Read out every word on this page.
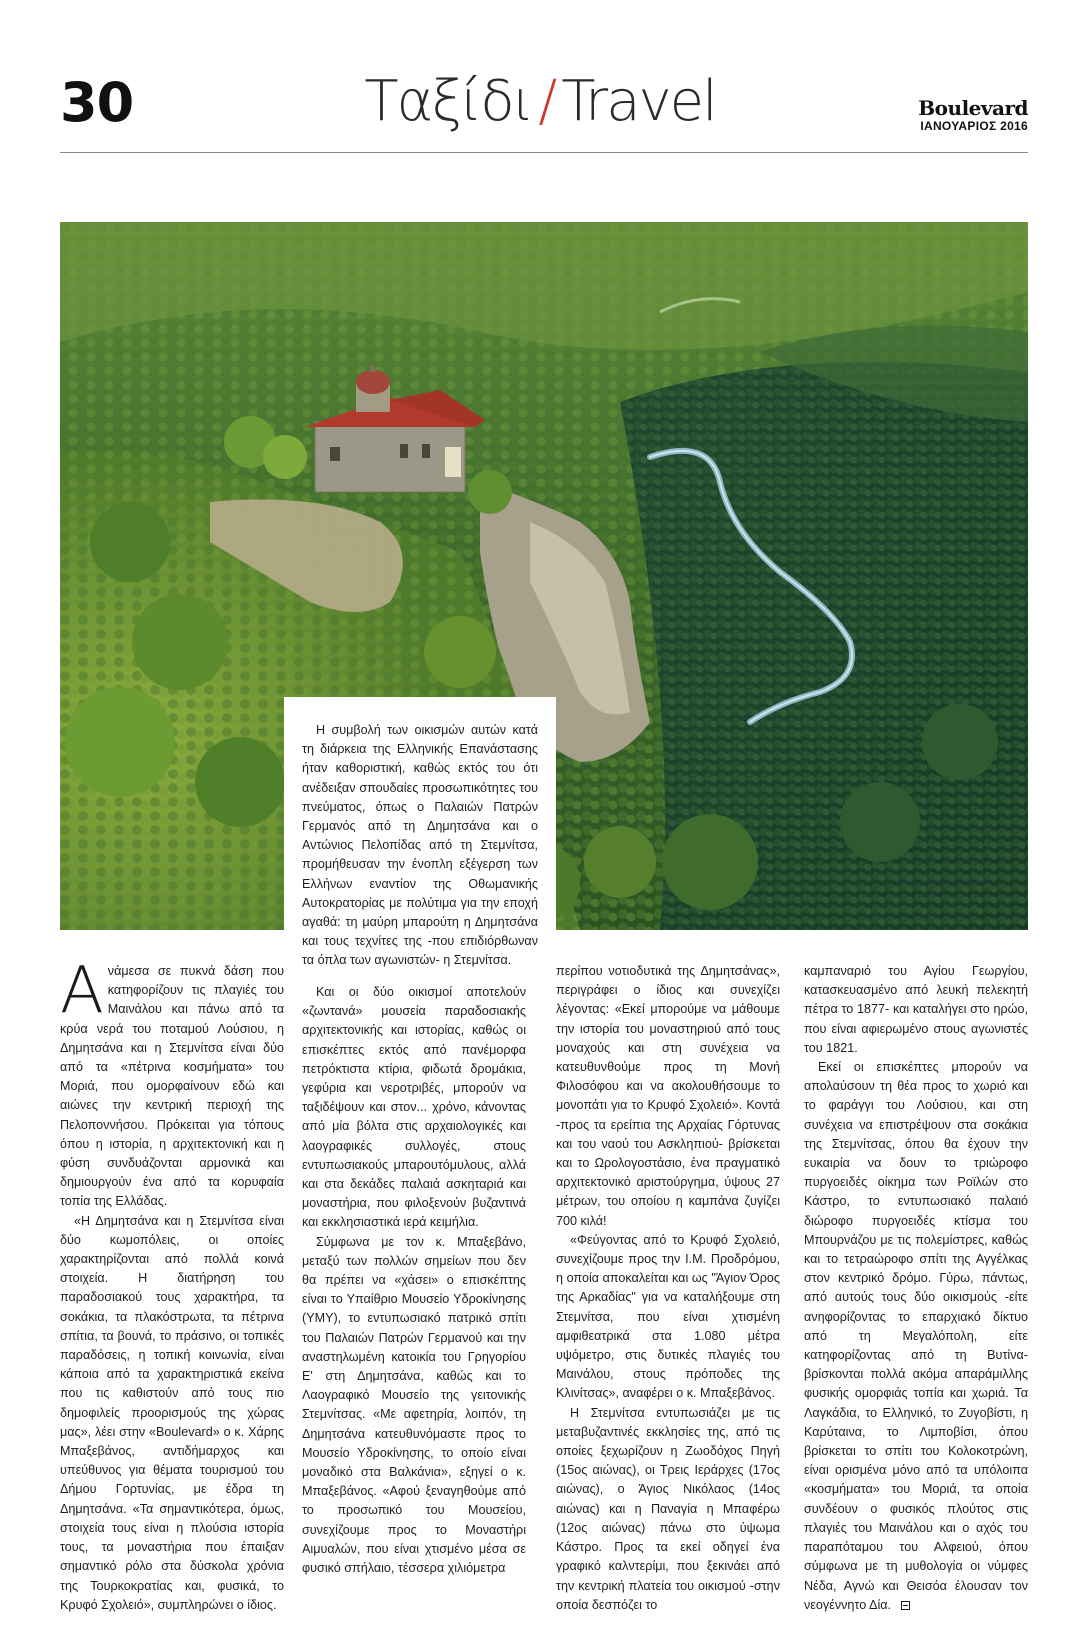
30	Ταξίδι / Travel	Boulevard
ΙΑΝΟΥΑΡΙΟΣ 2016

Η συμβολή των οικισμών αυτών κατά τη διάρκεια της Ελληνικής Επανάστασης ήταν καθοριστική, καθώς εκτός του ότι ανέδειξαν σπουδαίες προσωπικότητες του πνεύματος, όπως ο Παλαιών Πατρών Γερμανός από τη Δημητσάνα και ο Αντώνιος Πελοπίδας από τη Στεμνίτσα, προμήθευσαν την ένοπλη εξέγερση των Ελλήνων εναντίον της Οθωμανικής Αυτοκρατορίας με πολύτιμα για την εποχή αγαθά: τη μαύρη μπαρούτη η Δημητσάνα και τους τεχνίτες της -που επιδιόρθωναν τα όπλα των αγωνιστών- η Στεμνίτσα.

Ανάμεσα σε πυκνά δάση που κατηφορίζουν τις πλαγιές του Μαινάλου και πάνω από τα κρύα νερά του ποταμού Λούσιου, η Δημητσάνα και η Στεμνίτσα είναι δύο από τα «πέτρινα κοσμήματα» του Μοριά, που ομορφαίνουν εδώ και αιώνες την κεντρική περιοχή της Πελοποννήσου. Πρόκειται για τόπους όπου η ιστορία, η αρχιτεκτονική και η φύση συνδυάζονται αρμονικά και δημιουργούν ένα από τα κορυφαία τοπία της Ελλάδας.

«Η Δημητσάνα και η Στεμνίτσα είναι δύο κωμοπόλεις, οι οποίες χαρακτηρίζονται από πολλά κοινά στοιχεία. Η διατήρηση του παραδοσιακού τους χαρακτήρα, τα σοκάκια, τα πλακόστρωτα, τα πέτρινα σπίτια, τα βουνά, το πράσινο, οι τοπικές παραδόσεις, η τοπική κοινωνία, είναι κάποια από τα χαρακτηριστικά εκείνα που τις καθιστούν από τους πιο δημοφιλείς προορισμούς της χώρας μας», λέει στην «Boulevard» ο κ. Χάρης Μπαξεβάνος, αντιδήμαρχος και υπεύθυνος για θέματα τουρισμού του Δήμου Γορτυνίας, με έδρα τη Δημητσάνα. «Τα σημαντικότερα, όμως, στοιχεία τους είναι η πλούσια ιστορία τους, τα μοναστήρια που έπαιξαν σημαντικό ρόλο στα δύσκολα χρόνια της Τουρκοκρατίας και, φυσικά, το Κρυφό Σχολειό», συμπληρώνει ο ίδιος.

Και οι δύο οικισμοί αποτελούν «ζωντανά» μουσεία παραδοσιακής αρχιτεκτονικής και ιστορίας, καθώς οι επισκέπτες εκτός από πανέμορφα πετρόκτιστα κτίρια, φιδωτά δρομάκια, γεφύρια και νεροτριβές, μπορούν να ταξιδέψουν και στον... χρόνο, κάνοντας από μία βόλτα στις αρχαιολογικές και λαογραφικές συλλογές, στους εντυπωσιακούς μπαρουτόμυλους, αλλά και στα δεκάδες παλαιά ασκηταριά και μοναστήρια, που φιλοξενούν βυζαντινά και εκκλησιαστικά ιερά κειμήλια.

Σύμφωνα με τον κ. Μπαξεβάνο, μεταξύ των πολλών σημείων που δεν θα πρέπει να «χάσει» ο επισκέπτης είναι το Υπαίθριο Μουσείο Υδροκίνησης (ΥΜΥ), το εντυπωσιακό πατρικό σπίτι του Παλαιών Πατρών Γερμανού και την αναστηλωμένη κατοικία του Γρηγορίου Ε' στη Δημητσάνα, καθώς και το Λαογραφικό Μουσείο της γειτονικής Στεμνίτσας. «Με αφετηρία, λοιπόν, τη Δημητσάνα κατευθυνόμαστε προς το Μουσείο Υδροκίνησης, το οποίο είναι μοναδικό στα Βαλκάνια», εξηγεί ο κ. Μπαξεβάνος. «Αφού ξεναγηθούμε από το προσωπικό του Μουσείου, συνεχίζουμε προς το Μοναστήρι Αιμυαλών, που είναι χτισμένο μέσα σε φυσικό σπήλαιο, τέσσερα χιλιόμετρα

περίπου νοτιοδυτικά της Δημητσάνας», περιγράφει ο ίδιος και συνεχίζει λέγοντας: «Εκεί μπορούμε να μάθουμε την ιστορία του μοναστηριού από τους μοναχούς και στη συνέχεια να κατευθυνθούμε προς τη Μονή Φιλοσόφου και να ακολουθήσουμε το μονοπάτι για το Κρυφό Σχολειό». Κοντά -προς τα ερείπια της Αρχαίας Γόρτυνας και του ναού του Ασκληπιού- βρίσκεται και το Ωρολογοστάσιο, ένα πραγματικό αρχιτεκτονικό αριστούργημα, ύψους 27 μέτρων, του οποίου η καμπάνα ζυγίζει 700 κιλά!

«Φεύγοντας από το Κρυφό Σχολειό, συνεχίζουμε προς την Ι.Μ. Προδρόμου, η οποία αποκαλείται και ως "Άγιον Όρος της Αρκαδίας" για να καταλήξουμε στη Στεμνίτσα, που είναι χτισμένη αμφιθεατρικά στα 1.080 μέτρα υψόμετρο, στις δυτικές πλαγιές του Μαινάλου, στους πρόποδες της Κλινίτσας», αναφέρει ο κ. Μπαξεβάνος.

Η Στεμνίτσα εντυπωσιάζει με τις μεταβυζαντινές εκκλησίες της, από τις οποίες ξεχωρίζουν η Ζωοδόχος Πηγή (15ος αιώνας), οι Τρεις Ιεράρχες (17ος αιώνας), ο Άγιος Νικόλαος (14ος αιώνας) και η Παναγία η Μπαφέρω (12ος αιώνας) πάνω στο ύψωμα Κάστρο. Προς τα εκεί οδηγεί ένα γραφικό καλντερίμι, που ξεκινάει από την κεντρική πλατεία του οικισμού -στην οποία δεσπόζει το

καμπαναριό του Αγίου Γεωργίου, κατασκευασμένο από λευκή πελεκητή πέτρα το 1877- και καταλήγει στο ηρώο, που είναι αφιερωμένο στους αγωνιστές του 1821.

Εκεί οι επισκέπτες μπορούν να απολαύσουν τη θέα προς το χωριό και το φαράγγι του Λούσιου, και στη συνέχεια να επιστρέψουν στα σοκάκια της Στεμνίτσας, όπου θα έχουν την ευκαιρία να δουν το τριώροφο πυργοειδές οίκημα των Ροϊλών στο Κάστρο, το εντυπωσιακό παλαιό διώροφο πυργοειδές κτίσμα του Μπουρνάζου με τις πολεμίστρες, καθώς και το τετραώροφο σπίτι της Αγγέλκας στον κεντρικό δρόμο. Γύρω, πάντως, από αυτούς τους δύο οικισμούς -είτε ανηφορίζοντας το επαρχιακό δίκτυο από τη Μεγαλόπολη, είτε κατηφορίζοντας από τη Βυτίνα- βρίσκονται πολλά ακόμα απαράμιλλης φυσικής ομορφιάς τοπία και χωριά. Τα Λαγκάδια, το Ελληνικό, το Ζυγοβίστι, η Καρύταινα, το Λιμποβίσι, όπου βρίσκεται το σπίτι του Κολοκοτρώνη, είναι ορισμένα μόνο από τα υπόλοιπα «κοσμήματα» του Μοριά, τα οποία συνδέουν ο φυσικός πλούτος στις πλαγιές του Μαινάλου και ο αχός του παραπόταμου του Αλφειού, όπου σύμφωνα με τη μυθολογία οι νύμφες Νέδα, Αγνώ και Θεισόα έλουσαν τον νεογέννητο Δία.
